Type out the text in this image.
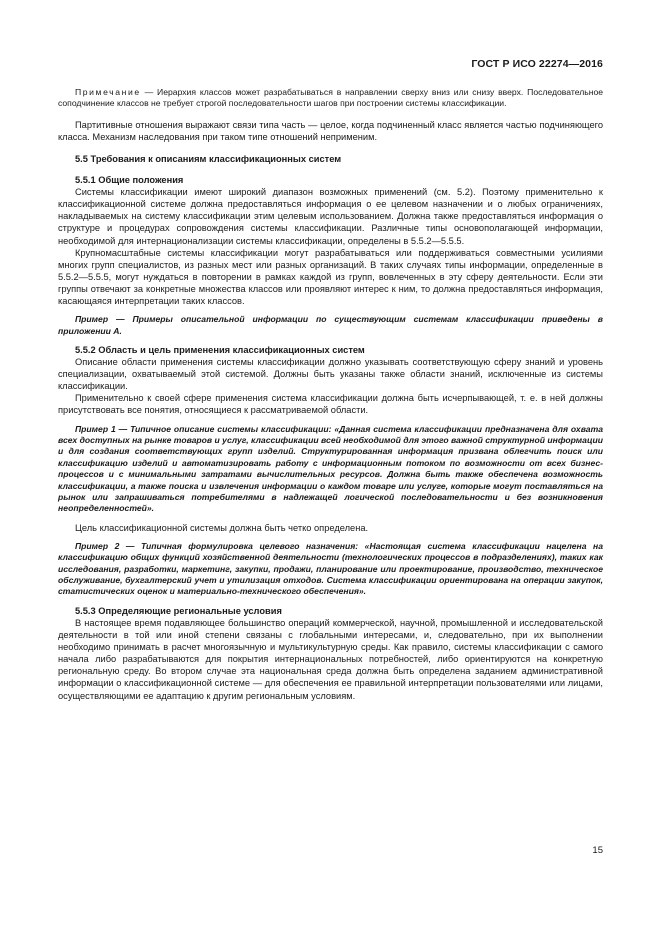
ГОСТ Р ИСО 22274—2016

Примечание — Иерархия классов может разрабатываться в направлении сверху вниз или снизу вверх. Последовательное соподчинение классов не требует строгой последовательности шагов при построении системы классификации.

Партитивные отношения выражают связи типа часть — целое, когда подчиненный класс является частью подчиняющего класса. Механизм наследования при таком типе отношений неприменим.

5.5 Требования к описаниям классификационных систем

5.5.1 Общие положения

Системы классификации имеют широкий диапазон возможных применений (см. 5.2). Поэтому применительно к классификационной системе должна предоставляться информация о ее целевом назначении и о любых ограничениях, накладываемых на систему классификации этим целевым использованием. Должна также предоставляться информация о структуре и процедурах сопровождения системы классификации. Различные типы основополагающей информации, необходимой для интернационализации системы классификации, определены в 5.5.2—5.5.5.

Крупномасштабные системы классификации могут разрабатываться или поддерживаться совместными усилиями многих групп специалистов, из разных мест или разных организаций. В таких случаях типы информации, определенные в 5.5.2—5.5.5, могут нуждаться в повторении в рамках каждой из групп, вовлеченных в эту сферу деятельности. Если эти группы отвечают за конкретные множества классов или проявляют интерес к ним, то должна предоставляться информация, касающаяся интерпретации таких классов.

Пример — Примеры описательной информации по существующим системам классификации приведены в приложении А.

5.5.2 Область и цель применения классификационных систем

Описание области применения системы классификации должно указывать соответствующую сферу знаний и уровень специализации, охватываемый этой системой. Должны быть указаны также области знаний, исключенные из системы классификации.

Применительно к своей сфере применения система классификации должна быть исчерпывающей, т. е. в ней должны присутствовать все понятия, относящиеся к рассматриваемой области.

Пример 1 — Типичное описание системы классификации: «Данная система классификации предназначена для охвата всех доступных на рынке товаров и услуг, классификации всей необходимой для этого важной структурной информации и для создания соответствующих групп изделий. Структурированная информация призвана облегчить поиск или классификацию изделий и автоматизировать работу с информационным потоком по возможности от всех бизнес-процессов и с минимальными затратами вычислительных ресурсов. Должна быть также обеспечена возможность классификации, а также поиска и извлечения информации о каждом товаре или услуге, которые могут поставляться на рынок или запрашиваться потребителями в надлежащей логической последовательности и без возникновения неопределенностей».

Цель классификационной системы должна быть четко определена.

Пример 2 — Типичная формулировка целевого назначения: «Настоящая система классификации нацелена на классификацию общих функций хозяйственной деятельности (технологических процессов в подразделениях), таких как исследования, разработки, маркетинг, закупки, продажи, планирование или проектирование, производство, техническое обслуживание, бухгалтерский учет и утилизация отходов. Система классификации ориентирована на операции закупок, статистических оценок и материально-технического обеспечения».

5.5.3 Определяющие региональные условия

В настоящее время подавляющее большинство операций коммерческой, научной, промышленной и исследовательской деятельности в той или иной степени связаны с глобальными интересами, и, следовательно, при их выполнении необходимо принимать в расчет многоязычную и мультикультурную среды. Как правило, системы классификации с самого начала либо разрабатываются для покрытия интернациональных потребностей, либо ориентируются на конкретную региональную среду. Во втором случае эта национальная среда должна быть определена заданием административной информации о классификационной системе — для обеспечения ее правильной интерпретации пользователями или лицами, осуществляющими ее адаптацию к другим региональным условиям.

15
